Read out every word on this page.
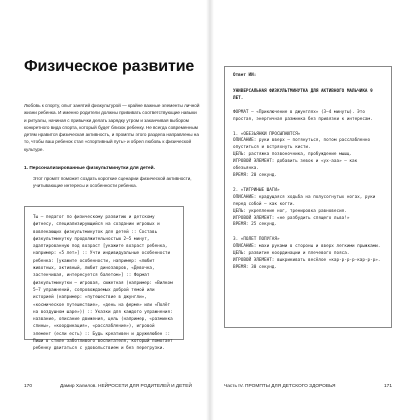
Физическое развитие

Любовь к спорту, опыт занятий физкультурой — крайне важные элементы личной жизни ребенка. И именно родители должны прививать соответствующие навыки и ритуалы, начиная с привычки делать зарядку утром и заканчивая выбором конкретного вида спорта, который будет близок ребенку. Не всегда современным детям нравится физическая активность, и промпты этого раздела направлены на то, чтобы ваш ребенок стал «спортивный путь» и обрел любовь к физической культуре.

1. Персонализированные физкультминутки для детей.

Этот промпт поможет создать короткие сценарии физической активности, учитывающие интересы и особенности ребенка.

Ты — педагог по физическому развитию и детскому фитнесу, специализирующийся на создании игровых и вовлекающих физкультминуток для детей :: Составь физкультминутку продолжительностью 2–5 минут, адаптированную под возраст [укажите возраст ребенка, например: «5 лет»] :: Учти индивидуальные особенности ребенка: [укажите особенности, например: «любит животных, активный, любит динозавров, «Девочка, застенчивая, интересуется балетом»] :: Формат физкультминутки — игровая, сюжетная (например: «Вилком 5–7 упражнений, сопровождаемых доброй темой или историей (например: «путешествие в джунгли», «космическое путешествие», «день на ферме» или «Полёт на воздушном шаре»)) :: Указки для каждого упражнения: название, описание движения, цель (например, «разминка спины», «координация», «расслабление»), игровой элемент (если есть) :: Будь креативен и дружелюбен :: Пиши в стиле заботливого воспитателя, который помогает ребенку двигаться с удовольствием и без перегрузки.

170	Дамир Халилов. НЕЙРОСЕТИ ДЛЯ РОДИТЕЛЕЙ И ДЕТЕЙ

Ответ ИИ:

УНИВЕРСАЛЬНАЯ ФИЗКУЛЬТМИНУТКА ДЛЯ АКТИВНОГО МАЛЬЧИКА 9 ЛЕТ.

ФОРМАТ — «Приключение в джунглях» (3–4 минуты). Это простая, энергичная разминка без привязки к интересам.

1. «ОБЕЗЬЯНКИ ПРОСЫПАЮТСЯ»

ОПИСАНИЕ: руки вверх — потянуться, потом расслабленно опуститься и встряхнуть кисти.

ЦЕЛЬ: растяжка позвоночника, пробуждение мышц.

ИГРОВОЙ ЭЛЕМЕНТ: добавить зевок и «ух-ааа» — как обезьянка.

ВРЕМЯ: 20 секунд.

2. «ТИГРИНЫЕ ШАГИ»

ОПИСАНИЕ: крадущаяся ходьба на полусогнутых ногах, руки перед собой — как когти.

ЦЕЛЬ: укрепление ног, тренировка равновесия.

ИГРОВОЙ ЭЛЕМЕНТ: «не разбудить спящего льва!»

ВРЕМЯ: 25 секунд.

3. «ПОЛЕТ ПОПУГАЯ»

ОПИСАНИЕ: махи руками в стороны и вверх легкими прыжками.

ЦЕЛЬ: развитие координации и плечевого пояса.

ИГРОВОЙ ЭЛЕМЕНТ: выкрикивать весёлое «кар-р-р-р-кар-р-р».

ВРЕМЯ: 30 секунд.

Часть IV. ПРОМПТЫ ДЛЯ ДЕТСКОГО ЗДОРОВЬЯ	171
